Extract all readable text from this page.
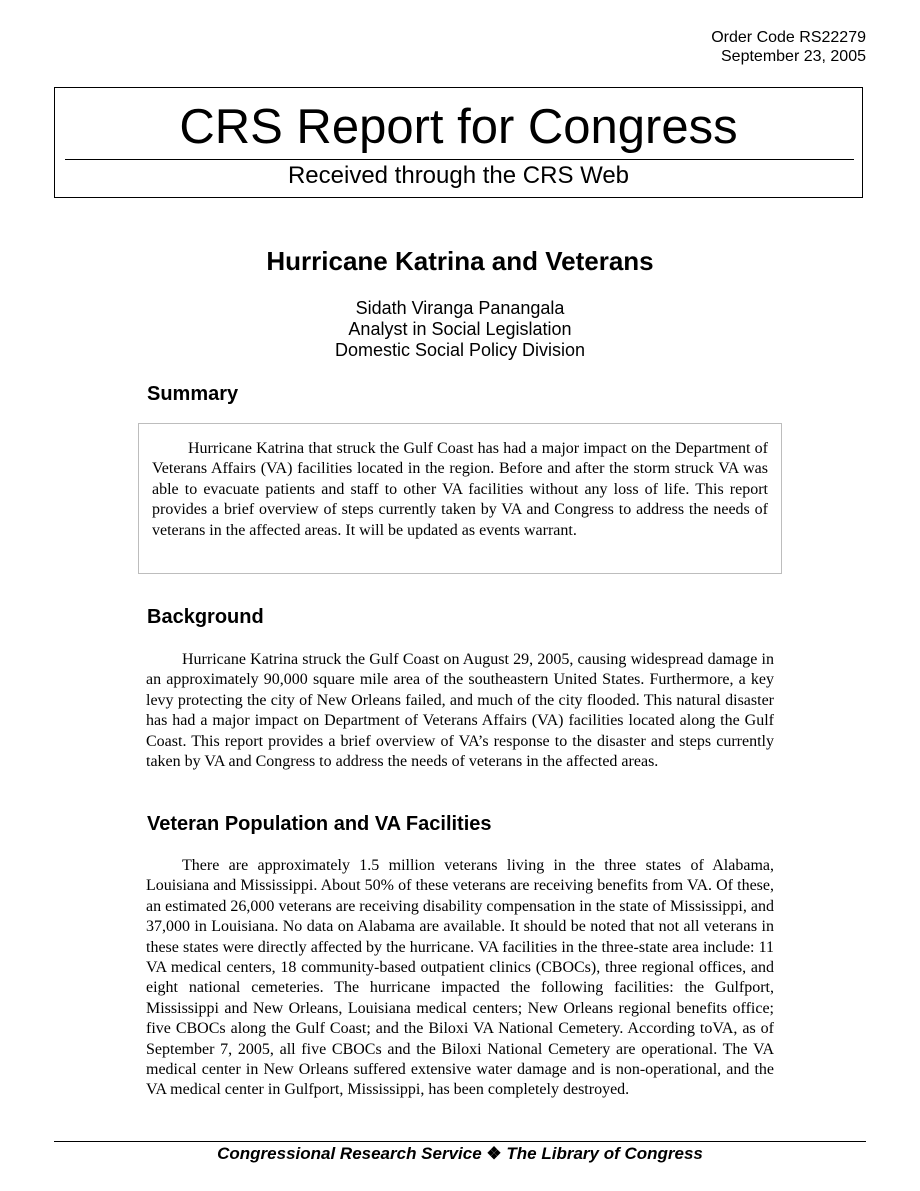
Order Code RS22279
September 23, 2005
CRS Report for Congress
Received through the CRS Web
Hurricane Katrina and Veterans
Sidath Viranga Panangala
Analyst in Social Legislation
Domestic Social Policy Division
Summary

Hurricane Katrina that struck the Gulf Coast has had a major impact on the Department of Veterans Affairs (VA) facilities located in the region. Before and after the storm struck VA was able to evacuate patients and staff to other VA facilities without any loss of life. This report provides a brief overview of steps currently taken by VA and Congress to address the needs of veterans in the affected areas. It will be updated as events warrant.

Background

Hurricane Katrina struck the Gulf Coast on August 29, 2005, causing widespread damage in an approximately 90,000 square mile area of the southeastern United States. Furthermore, a key levy protecting the city of New Orleans failed, and much of the city flooded. This natural disaster has had a major impact on Department of Veterans Affairs (VA) facilities located along the Gulf Coast. This report provides a brief overview of VA’s response to the disaster and steps currently taken by VA and Congress to address the needs of veterans in the affected areas.

Veteran Population and VA Facilities

There are approximately 1.5 million veterans living in the three states of Alabama, Louisiana and Mississippi. About 50% of these veterans are receiving benefits from VA. Of these, an estimated 26,000 veterans are receiving disability compensation in the state of Mississippi, and 37,000 in Louisiana. No data on Alabama are available. It should be noted that not all veterans in these states were directly affected by the hurricane. VA facilities in the three-state area include: 11 VA medical centers, 18 community-based outpatient clinics (CBOCs), three regional offices, and eight national cemeteries. The hurricane impacted the following facilities: the Gulfport, Mississippi and New Orleans, Louisiana medical centers; New Orleans regional benefits office; five CBOCs along the Gulf Coast; and the Biloxi VA National Cemetery. According toVA, as of September 7, 2005, all five CBOCs and the Biloxi National Cemetery are operational. The VA medical center in New Orleans suffered extensive water damage and is non-operational, and the VA medical center in Gulfport, Mississippi, has been completely destroyed.

Congressional Research Service ❖ The Library of Congress
